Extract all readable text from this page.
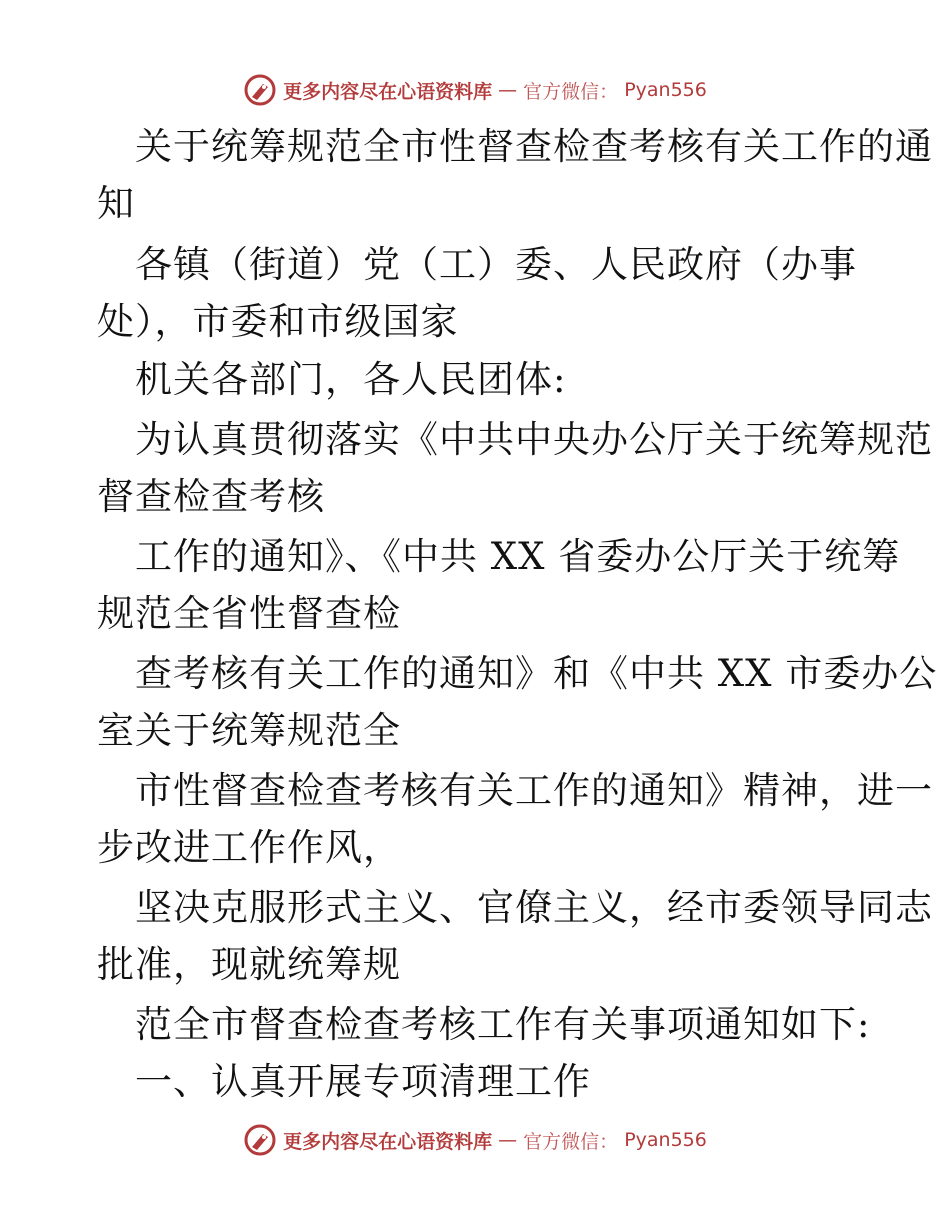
更多内容尽在心语资料库 — 官方微信： Pyan556
关于统筹规范全市性督查检查考核有关工作的通
知
各镇（街道）党（工）委、人民政府（办事
处），市委和市级国家
机关各部门，各人民团体:
为认真贯彻落实《中共中央办公厅关于统筹规范
督查检查考核
工作的通知》、《中共 XX 省委办公厅关于统筹
规范全省性督查检
查考核有关工作的通知》和《中共 XX 市委办公
室关于统筹规范全
市性督查检查考核有关工作的通知》精神，进一
步改进工作作风，
坚决克服形式主义、官僚主义，经市委领导同志
批准，现就统筹规
范全市督查检查考核工作有关事项通知如下:
一、认真开展专项清理工作
更多内容尽在心语资料库 — 官方微信： Pyan556
